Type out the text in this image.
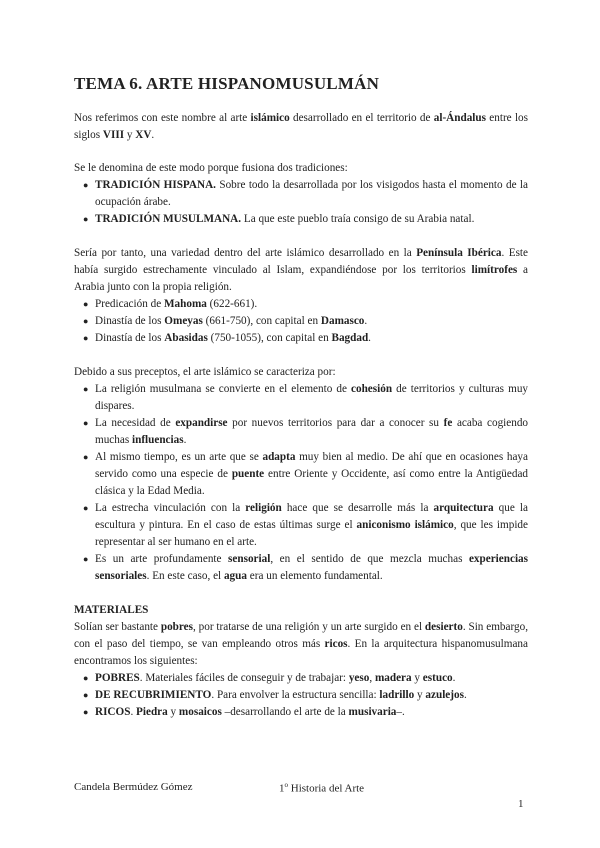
TEMA 6. ARTE HISPANOMUSULMÁN

Nos referimos con este nombre al arte islámico desarrollado en el territorio de al-Ándalus entre los siglos VIII y XV.

Se le denomina de este modo porque fusiona dos tradiciones:

● TRADICIÓN HISPANA. Sobre todo la desarrollada por los visigodos hasta el momento de la ocupación árabe.
● TRADICIÓN MUSULMANA. La que este pueblo traía consigo de su Arabia natal.

Sería por tanto, una variedad dentro del arte islámico desarrollado en la Península Ibérica. Este había surgido estrechamente vinculado al Islam, expandiéndose por los territorios limítrofes a Arabia junto con la propia religión.

● Predicación de Mahoma (622-661).
● Dinastía de los Omeyas (661-750), con capital en Damasco.
● Dinastía de los Abasidas (750-1055), con capital en Bagdad.

Debido a sus preceptos, el arte islámico se caracteriza por:

● La religión musulmana se convierte en el elemento de cohesión de territorios y culturas muy dispares.
● La necesidad de expandirse por nuevos territorios para dar a conocer su fe acaba cogiendo muchas influencias.
● Al mismo tiempo, es un arte que se adapta muy bien al medio. De ahí que en ocasiones haya servido como una especie de puente entre Oriente y Occidente, así como entre la Antigüedad clásica y la Edad Media.
● La estrecha vinculación con la religión hace que se desarrolle más la arquitectura que la escultura y pintura. En el caso de estas últimas surge el aniconismo islámico, que les impide representar al ser humano en el arte.
● Es un arte profundamente sensorial, en el sentido de que mezcla muchas experiencias sensoriales. En este caso, el agua era un elemento fundamental.

MATERIALES

Solían ser bastante pobres, por tratarse de una religión y un arte surgido en el desierto. Sin embargo, con el paso del tiempo, se van empleando otros más ricos. En la arquitectura hispanomusulmana encontramos los siguientes:

● POBRES. Materiales fáciles de conseguir y de trabajar: yeso, madera y estuco.
● DE RECUBRIMIENTO. Para envolver la estructura sencilla: ladrillo y azulejos.
● RICOS. Piedra y mosaicos –desarrollando el arte de la musivaria–.
Candela Bermúdez Gómez	1$^o$ Historia del Arte
1
